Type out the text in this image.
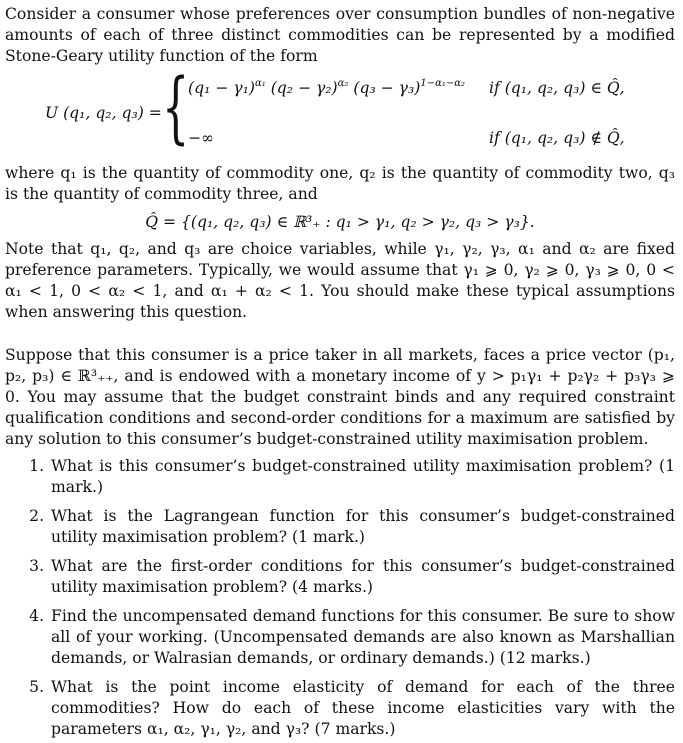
Consider a consumer whose preferences over consumption bundles of non-negative amounts of each of three distinct commodities can be represented by a modified Stone-Geary utility function of the form

U (q₁, q₂, q₃) = {
$(q_1 - \gamma_1)^{\alpha_1}$ $(q_2 - \gamma_2)^{\alpha_2}$ $(q_3 - \gamma_3)^{1-\alpha_1-\alpha_2}$ if (q₁, q₂, q₃) ∈ Q̂,
−∞	if (q₁, q₂, q₃) ∉ Q̂,

where q₁ is the quantity of commodity one, q₂ is the quantity of commodity two, q₃ is the quantity of commodity three, and

Q̂ = {(q₁, q₂, q₃) ∈ ℝ³₊ : q₁ > γ₁, q₂ > γ₂, q₃ > γ₃}.

Note that q₁, q₂, and q₃ are choice variables, while γ₁, γ₂, γ₃, α₁ and α₂ are fixed preference parameters. Typically, we would assume that γ₁ ⩾ 0, γ₂ ⩾ 0, γ₃ ⩾ 0, 0 < α₁ < 1, 0 < α₂ < 1, and α₁ + α₂ < 1. You should make these typical assumptions when answering this question.

Suppose that this consumer is a price taker in all markets, faces a price vector (p₁, p₂, p₃) ∈ ℝ³₊₊, and is endowed with a monetary income of y > p₁γ₁ + p₂γ₂ + p₃γ₃ ⩾ 0. You may assume that the budget constraint binds and any required constraint qualification conditions and second-order conditions for a maximum are satisfied by any solution to this consumer’s budget-constrained utility maximisation problem.

1. What is this consumer’s budget-constrained utility maximisation problem? (1 mark.)
2. What is the Lagrangean function for this consumer’s budget-constrained utility maximisation problem? (1 mark.)
3. What are the first-order conditions for this consumer’s budget-constrained utility maximisation problem? (4 marks.)
4. Find the uncompensated demand functions for this consumer. Be sure to show all of your working. (Uncompensated demands are also known as Marshallian demands, or Walrasian demands, or ordinary demands.) (12 marks.)
5. What is the point income elasticity of demand for each of the three commodities? How do each of these income elasticities vary with the parameters α₁, α₂, γ₁, γ₂, and γ₃? (7 marks.)
